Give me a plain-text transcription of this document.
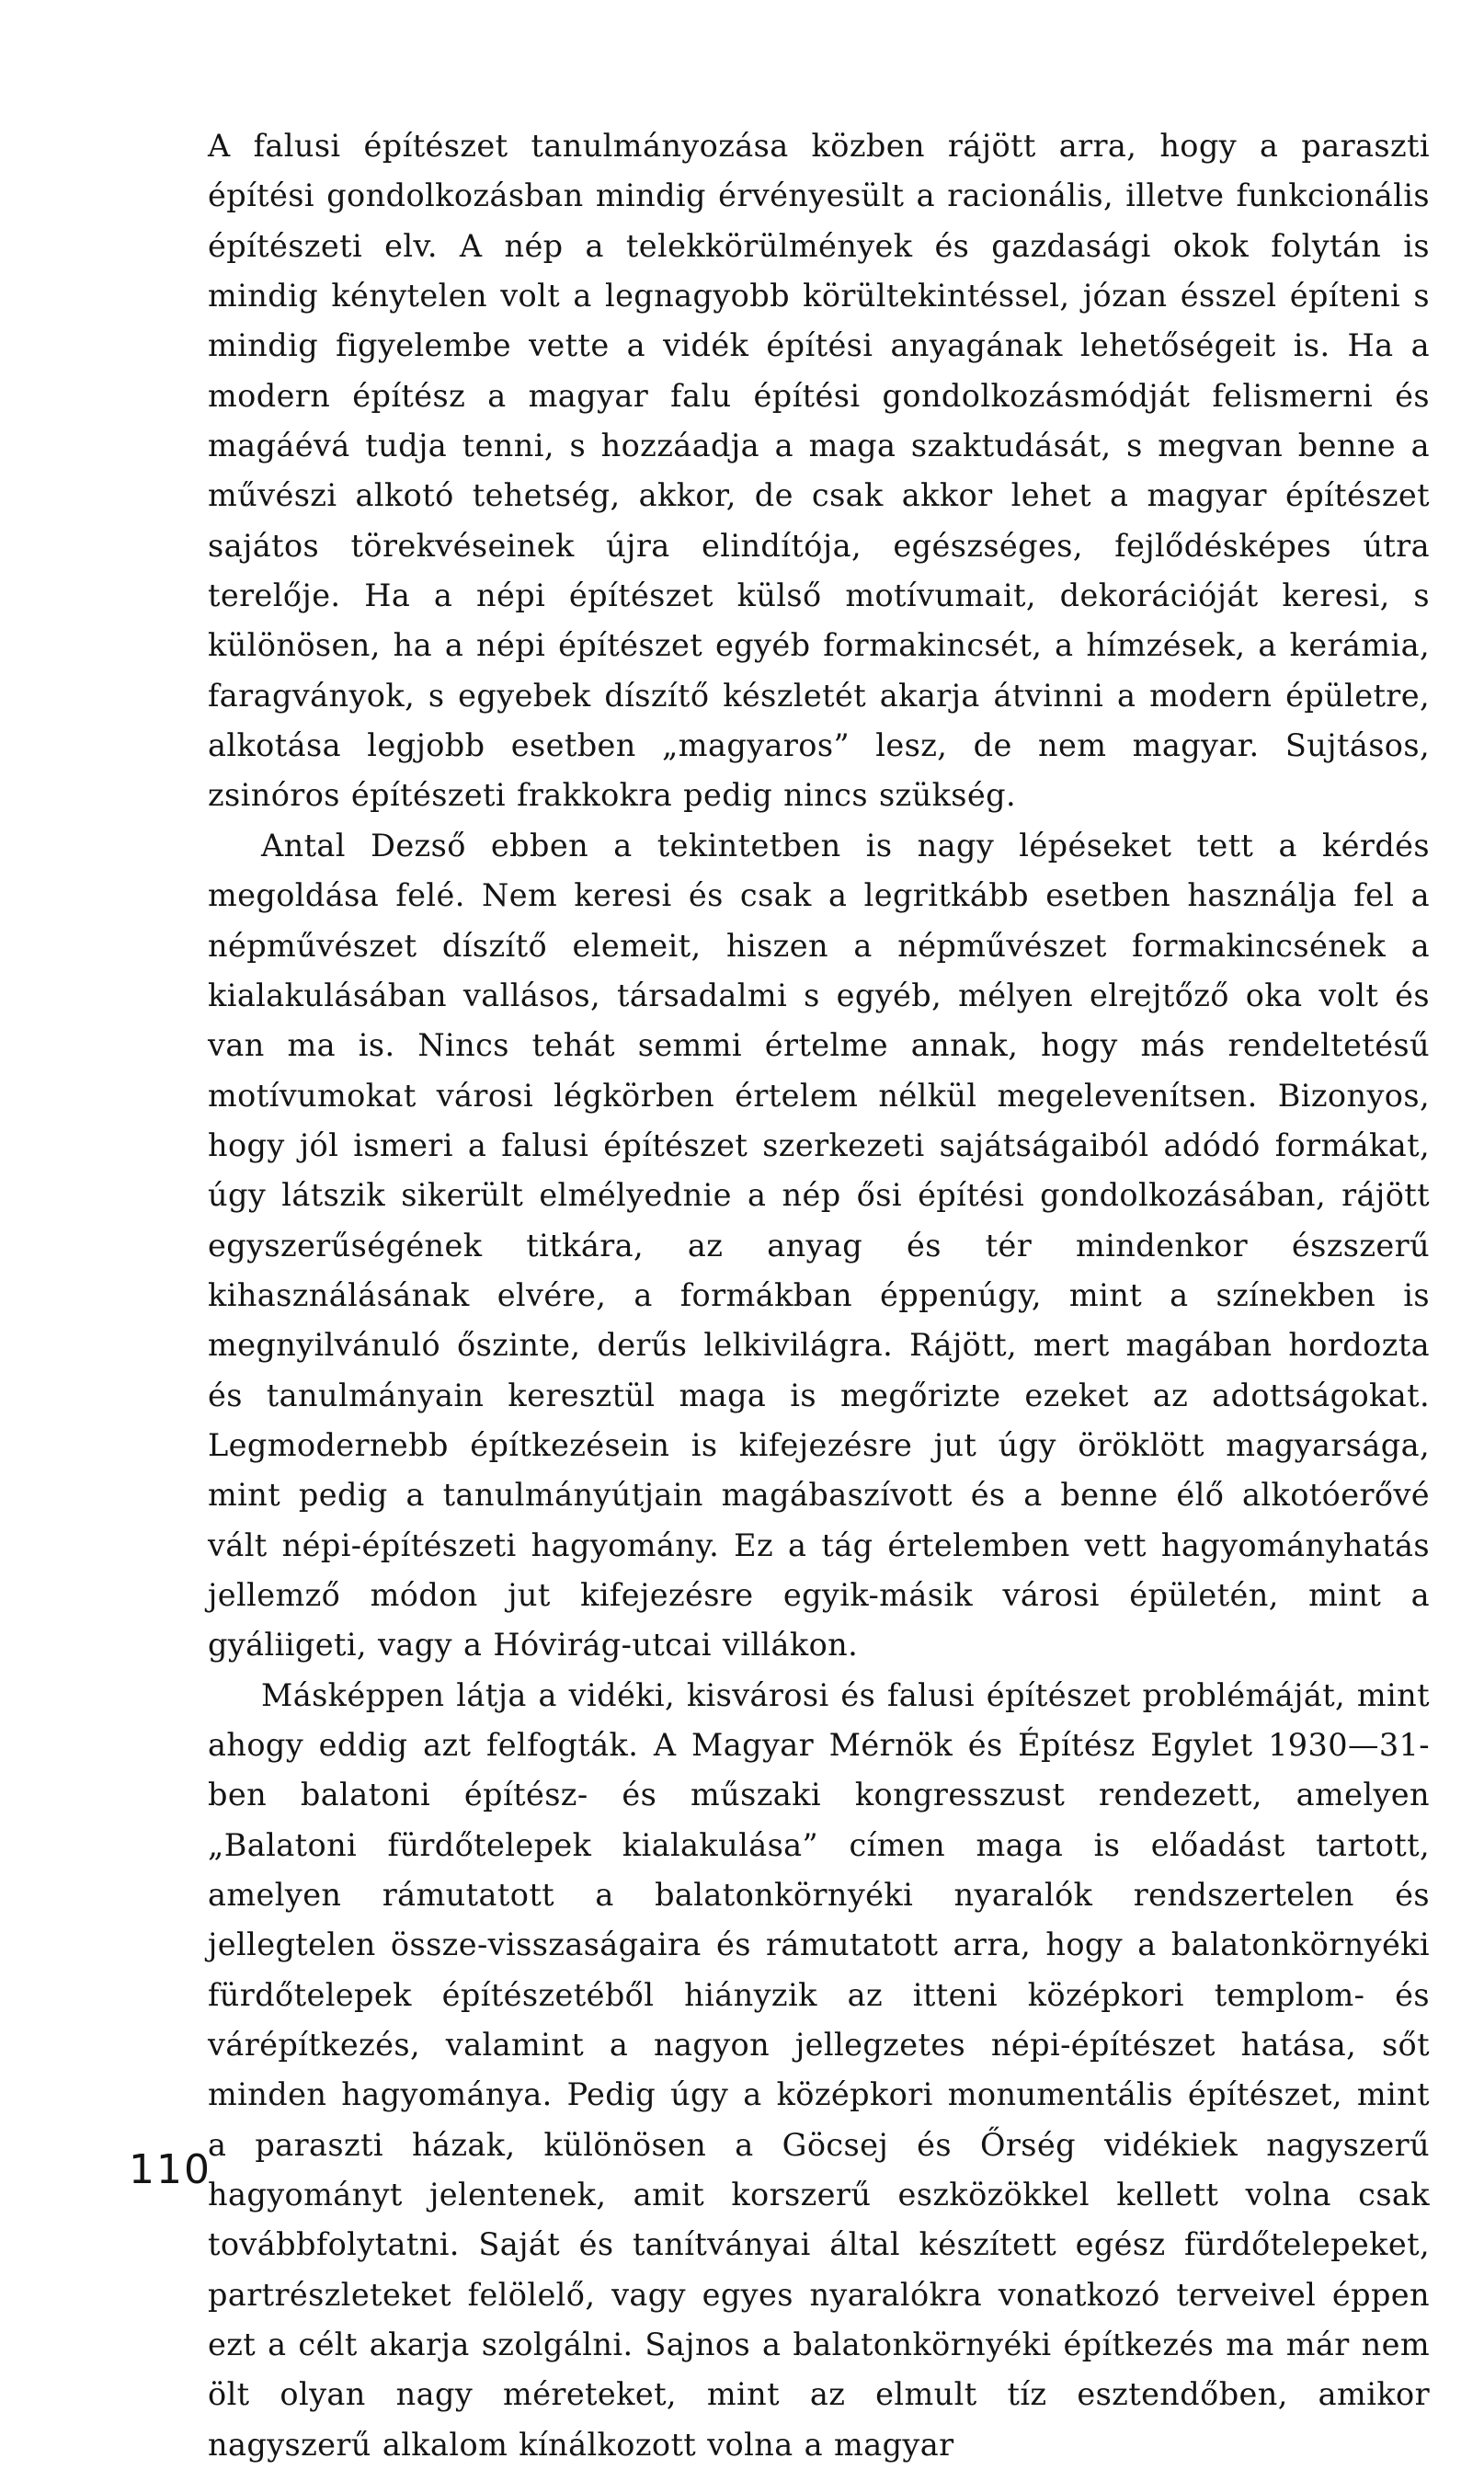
A falusi építészet tanulmányozása közben rájött arra, hogy a paraszti építési gondolkozásban mindig érvényesült a racionális, illetve funkcionális építészeti elv. A nép a telekkörülmények és gazdasági okok folytán is mindig kénytelen volt a legnagyobb körültekintéssel, józan ésszel építeni s mindig figyelembe vette a vidék építési anyagának lehetőségeit is. Ha a modern építész a magyar falu építési gondolkozásmódját felismerni és magáévá tudja tenni, s hozzáadja a maga szaktudását, s megvan benne a művészi alkotó tehetség, akkor, de csak akkor lehet a magyar építészet sajátos törekvéseinek újra elindítója, egészséges, fejlődésképes útra terelője. Ha a népi építészet külső motívumait, dekorációját keresi, s különösen, ha a népi építészet egyéb formakincsét, a hímzések, a kerámia, faragványok, s egyebek díszítő készletét akarja átvinni a modern épületre, alkotása legjobb esetben „magyaros” lesz, de nem magyar. Sujtásos, zsinóros építészeti frakkokra pedig nincs szükség.

Antal Dezső ebben a tekintetben is nagy lépéseket tett a kérdés megoldása felé. Nem keresi és csak a legritkább esetben használja fel a népművészet díszítő elemeit, hiszen a népművészet formakincsének a kialakulásában vallásos, társadalmi s egyéb, mélyen elrejtőző oka volt és van ma is. Nincs tehát semmi értelme annak, hogy más rendeltetésű motívumokat városi légkörben értelem nélkül megelevenítsen. Bizonyos, hogy jól ismeri a falusi építészet szerkezeti sajátságaiból adódó formákat, úgy látszik sikerült elmélyednie a nép ősi építési gondolkozásában, rájött egyszerűségének titkára, az anyag és tér mindenkor észszerű kihasználásának elvére, a formákban éppenúgy, mint a színekben is megnyilvánuló őszinte, derűs lelkivilágra. Rájött, mert magában hordozta és tanulmányain keresztül maga is megőrizte ezeket az adottságokat. Legmodernebb építkezésein is kifejezésre jut úgy öröklött magyarsága, mint pedig a tanulmányútjain magábaszívott és a benne élő alkotóerővé vált népi-építészeti hagyomány. Ez a tág értelemben vett hagyományhatás jellemző módon jut kifejezésre egyik-másik városi épületén, mint a gyáliigeti, vagy a Hóvirág-utcai villákon.

Másképpen látja a vidéki, kisvárosi és falusi építészet problémáját, mint ahogy eddig azt felfogták. A Magyar Mérnök és Építész Egylet 1930—31-ben balatoni építész- és műszaki kongresszust rendezett, amelyen „Balatoni fürdőtelepek kialakulása” címen maga is előadást tartott, amelyen rámutatott a balatonkörnyéki nyaralók rendszertelen és jellegtelen össze-visszaságaira és rámutatott arra, hogy a balatonkörnyéki fürdőtelepek építészetéből hiányzik az itteni középkori templom- és várépítkezés, valamint a nagyon jellegzetes népi-építészet hatása, sőt minden hagyománya. Pedig úgy a középkori monumentális építészet, mint a paraszti házak, különösen a Göcsej és Őrség vidékiek nagyszerű hagyományt jelentenek, amit korszerű eszközökkel kellett volna csak továbbfolytatni. Saját és tanítványai által készített egész fürdőtelepeket, partrészleteket felölelő, vagy egyes nyaralókra vonatkozó terveivel éppen ezt a célt akarja szolgálni. Sajnos a balatonkörnyéki építkezés ma már nem ölt olyan nagy méreteket, mint az elmult tíz esztendőben, amikor nagyszerű alkalom kínálkozott volna a magyar

110
